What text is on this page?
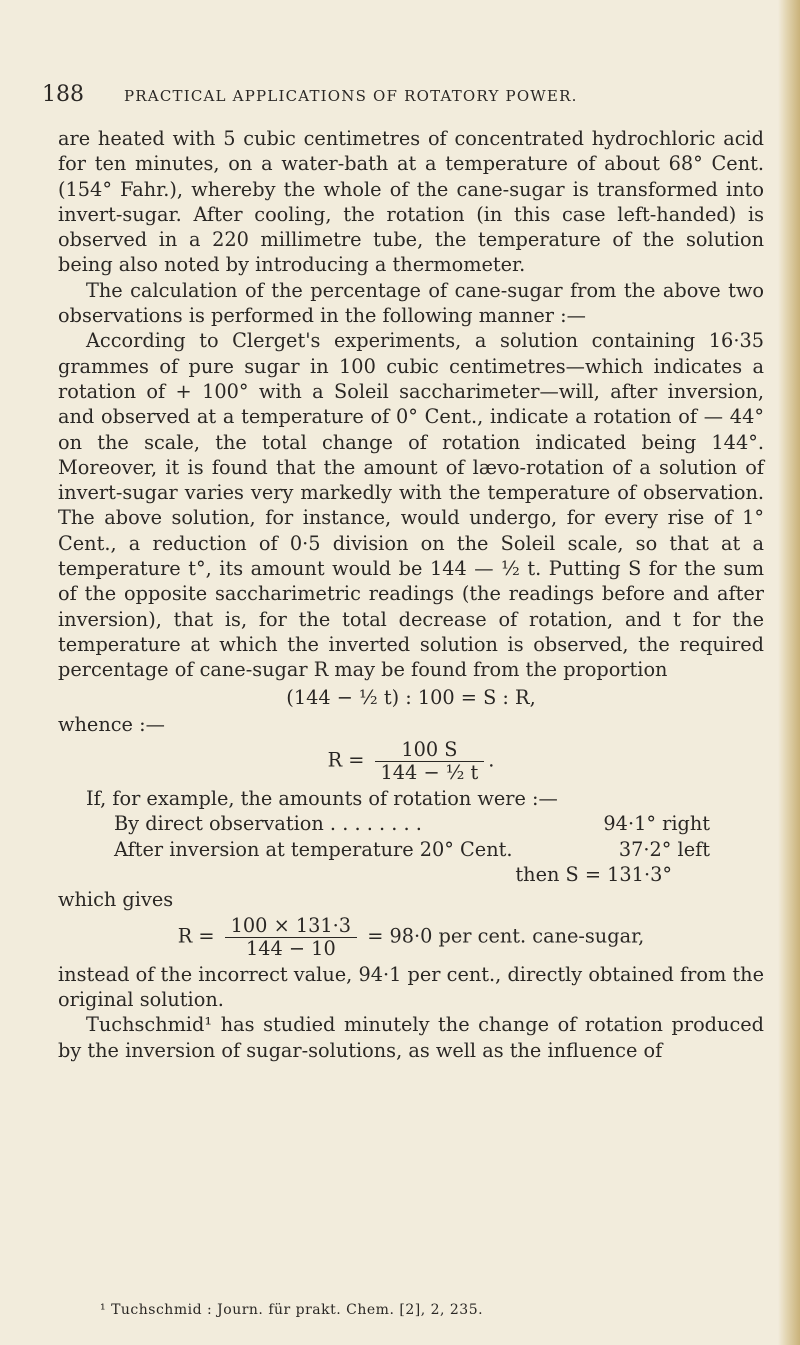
188	PRACTICAL APPLICATIONS OF ROTATORY POWER.

are heated with 5 cubic centimetres of concentrated hydrochloric acid for ten minutes, on a water-bath at a temperature of about 68° Cent. (154° Fahr.), whereby the whole of the cane-sugar is transformed into invert-sugar. After cooling, the rotation (in this case left-handed) is observed in a 220 millimetre tube, the temperature of the solution being also noted by introducing a thermometer.

The calculation of the percentage of cane-sugar from the above two observations is performed in the following manner :—

According to Clerget's experiments, a solution containing 16·35 grammes of pure sugar in 100 cubic centimetres—which indicates a rotation of + 100° with a Soleil saccharimeter—will, after inversion, and observed at a temperature of 0° Cent., indicate a rotation of — 44° on the scale, the total change of rotation indicated being 144°. Moreover, it is found that the amount of lævo-rotation of a solution of invert-sugar varies very markedly with the temperature of observation. The above solution, for instance, would undergo, for every rise of 1° Cent., a reduction of 0·5 division on the Soleil scale, so that at a temperature t°, its amount would be 144 — ½ t. Putting S for the sum of the opposite saccharimetric readings (the readings before and after inversion), that is, for the total decrease of rotation, and t for the temperature at which the inverted solution is observed, the required percentage of cane-sugar R may be found from the proportion

(144 − ½ t) : 100 = S : R,

whence :—

$R = \frac{100 S}{\text{144 − ½ t}}$ .

If, for example, the amounts of rotation were :—

By direct observation . . . . . . . .	94·1° right
After inversion at temperature 20° Cent.	37·2° left
then S = 131·3°

which gives

$R = \frac{100 \times 131\cdot 3}{144 - 10} = 98\cdot 0$ per cent. cane-sugar,

instead of the incorrect value, 94·1 per cent., directly obtained from the original solution.

Tuchschmid¹ has studied minutely the change of rotation produced by the inversion of sugar-solutions, as well as the influence of

¹ Tuchschmid : Journ. für prakt. Chem. [2], 2, 235.
